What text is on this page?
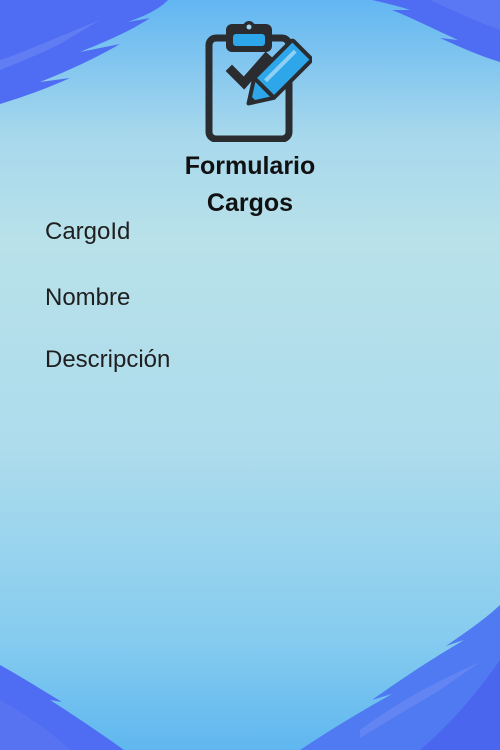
Formulario
Cargos
CargoId
Nombre
Descripción
